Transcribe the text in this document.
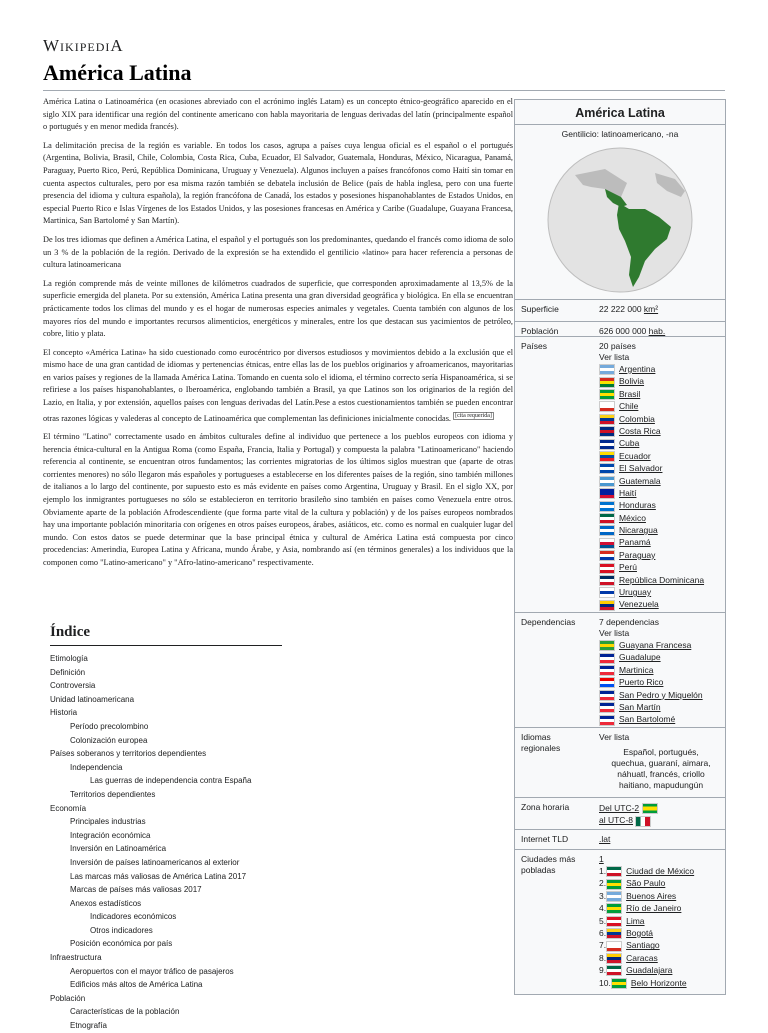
WIKIPEDIA
América Latina

América Latina o Latinoamérica (en ocasiones abreviado con el acrónimo inglés Latam) es un concepto étnico-geográfico aparecido en el siglo XIX para identificar una región del continente americano con habla mayoritaria de lenguas derivadas del latín (principalmente español o portugués y en menor medida francés).

La delimitación precisa de la región es variable. En todos los casos, agrupa a países cuya lengua oficial es el español o el portugués (Argentina, Bolivia, Brasil, Chile, Colombia, Costa Rica, Cuba, Ecuador, El Salvador, Guatemala, Honduras, México, Nicaragua, Panamá, Paraguay, Puerto Rico, Perú, República Dominicana, Uruguay y Venezuela). Algunos incluyen a países francófonos como Haití sin tomar en cuenta aspectos culturales, pero por esa misma razón también se debatela inclusión de Belice (país de habla inglesa, pero con una fuerte presencia del idioma y cultura española), la región francófona de Canadá, los estados y posesiones hispanohablantes de Estados Unidos, en especial Puerto Rico e Islas Vírgenes de los Estados Unidos, y las posesiones francesas en América y Caribe (Guadalupe, Guayana Francesa, Martinica, San Bartolomé y San Martín).

De los tres idiomas que definen a América Latina, el español y el portugués son los predominantes, quedando el francés como idioma de solo un 3 % de la población de la región. Derivado de la expresión se ha extendido el gentilicio «latino» para hacer referencia a personas de cultura latinoamericana

La región comprende más de veinte millones de kilómetros cuadrados de superficie, que corresponden aproximadamente al 13,5% de la superficie emergida del planeta. Por su extensión, América Latina presenta una gran diversidad geográfica y biológica. En ella se encuentran prácticamente todos los climas del mundo y es el hogar de numerosas especies animales y vegetales. Cuenta también con algunos de los mayores ríos del mundo e importantes recursos alimenticios, energéticos y minerales, entre los que destacan sus yacimientos de petróleo, cobre, litio y plata.

El concepto «América Latina» ha sido cuestionado como eurocéntrico por diversos estudiosos y movimientos debido a la exclusión que el mismo hace de una gran cantidad de idiomas y pertenencias étnicas, entre ellas las de los pueblos originarios y afroamericanos, mayoritarias en varios países y regiones de la llamada América Latina. Tomando en cuenta solo el idioma, el término correcto sería Hispanoamérica, si se refiriese a los países hispanohablantes, o Iberoamérica, englobando también a Brasil, ya que Latinos son los originarios de la región del Lazio, en Italia, y por extensión, aquellos países con lenguas derivadas del Latín.Pese a estos cuestionamientos también se pueden encontrar otras razones lógicas y valederas al concepto de Latinoamérica que complementan las definiciones inicialmente conocidas. [cita requerida]

El término "Latino" correctamente usado en ámbitos culturales define al individuo que pertenece a los pueblos europeos con idioma y herencia étnica-cultural en la Antigua Roma (como España, Francia, Italia y Portugal) y compuesta la palabra "Latinoamericano" haciendo referencia al continente, se encuentran otros fundamentos; las corrientes migratorias de los últimos siglos muestran que (aparte de otras corrientes menores) no sólo llegaron más españoles y portugueses a establecerse en los diferentes países de la región, sino también millones de italianos a lo largo del continente, por supuesto esto es más evidente en países como Argentina, Uruguay y Brasil. En el siglo XX, por ejemplo los inmigrantes portugueses no sólo se establecieron en territorio brasileño sino también en países como Venezuela entre otros. Obviamente aparte de la población Afrodescendiente (que forma parte vital de la cultura y población) y de los países europeos nombrados hay una importante población minoritaria con orígenes en otros países europeos, árabes, asiáticos, etc. como es normal en cualquier lugar del mundo. Con estos datos se puede determinar que la base principal étnica y cultural de América Latina está compuesta por cinco procedencias: Amerindia, Europea Latina y Africana, mundo Árabe, y Asia, nombrando así (en términos generales) a los individuos que la componen como "Latino-americano" y "Afro-latino-americano" respectivamente.

Índice
Etimología
Definición
Controversia
Unidad latinoamericana
Historia
Período precolombino
Colonización europea
Países soberanos y territorios dependientes
Independencia
Las guerras de independencia contra España
Territorios dependientes
Economía
Principales industrias
Integración económica
Inversión en Latinoamérica
Inversión de países latinoamericanos al exterior
Las marcas más valiosas de América Latina 2017
Marcas de países más valiosas 2017
Anexos estadísticos
Indicadores económicos
Otros indicadores
Posición económica por país
Infraestructura
Aeropuertos con el mayor tráfico de pasajeros
Edificios más altos de América Latina
Población
Características de la población
Etnografía
América Latina
Gentilicio: latinoamericano, -na
Superficie	22 222 000 km²
Población	626 000 000 hab.
Países	20 países
Ver lista
Argentina
Bolivia
Brasil
Chile
Colombia
Costa Rica
Cuba
Ecuador
El Salvador
Guatemala
Haití
Honduras
México
Nicaragua
Panamá
Paraguay
Perú
República Dominicana
Uruguay
Venezuela
Dependencias	7 dependencias
Ver lista
Guayana Francesa
Guadalupe
Martinica
Puerto Rico
San Pedro y Miquelón
San Martín
San Bartolomé
Idiomas regionales
Ver lista
Español, portugués,
quechua, guaraní, aimara,
náhuatl, francés, criollo
haitiano, mapudungún
Zona horaria	Del UTC-2
al UTC-8
Internet TLD	.lat
Ciudades más pobladas
1
1. Ciudad de México
2. São Paulo
3. Buenos Aires
4. Río de Janeiro
5. Lima
6. Bogotá
7. Santiago
8. Caracas
9. Guadalajara
10. Belo Horizonte
